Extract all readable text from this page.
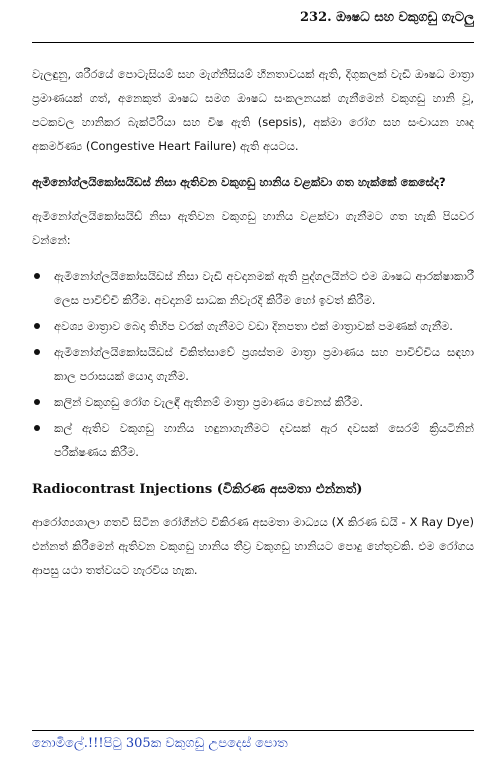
232. ඖෂධ සහ වකුගඩු ගැටලු

වැලඳුනු, ශරීරයේ පොටැසියම් සහ මැග්නීසියම් හීනතාවයක් ඇති, දිගුකලක් වැඩි ඖෂධ මාත්‍රා ප්‍රමාණයක් ගත්, අනෙකුත් ඖෂධ සමග ඖෂධ සංකලනයක් ගැනීමෙන් වකුගඩු හානි වූ, පටකවල හානිකර බැක්ටීරියා සහ විෂ ඇති (sepsis), අක්මා රෝග සහ සංචායන හෘද අකර්මණ්‍ය (Congestive Heart Failure) ඇති අයටය.

ඇමිනෝග්ලයිකෝසයිඩස් නිසා ඇතිවන වකුගඩු හානිය වළක්වා ගත හැක්කේ කෙසේද?

ඇමිනෝග්ලයිකෝසයිඩ් නිසා ඇතිවන වකුගඩු හානිය වළක්වා ගැනීමට ගත හැකි පියවර වන්නේ:

ඇමිනෝග්ලයිකෝසයිඩස් නිසා වැඩි අවදානමක් ඇති පුද්ගලයින්ට එම ඖෂධ ආරක්ෂාකාරී ලෙස පාවිච්චි කිරීම. අවදානම් සාධක නිවැරදි කිරීම හෝ ඉවත් කිරීම.
අවශ්‍ය මාත්‍රාව බෙදා තිහිප වරක් ගැනීමට වඩා දිනපතා එක් මාත්‍රාවක් පමණක් ගැනීම.
ඇමිනෝග්ලයිකෝසයිඩස් චිකිත්සාවේ ප්‍රශස්තම මාත්‍රා ප්‍රමාණය සහ පාවිච්චිය සඳහා කාල පරාසයක් යොදා ගැනීම.
කලින් වකුගඩු රෝග වැලඳී ඇතිනම් මාත්‍රා ප්‍රමාණය වෙනස් කිරීම.
කල් ඇතිව වකුගඩු හානිය හඳුනාගැනීමට දවසක් ඇර දවසක් සෙරම් ක්‍රියටිනින් පරීක්ෂණය කිරීම.
Radiocontrast Injections (විකිරණ අසමතා එන්නත්)

ආරෝග්‍යශාලා ගතවී සිටින රෝගීන්ට විකිරණ අසමතා මාධ්‍යය (X කිරණ ඩයි - X Ray Dye) එන්නත් කිරීමෙන් ඇතිවන වකුගඩු හානිය තීව්‍ර වකුගඩු හානියට පොදු හේතුවකි. එම රෝගය ආපසු යථා තත්වයට හැරවිය හැක.

නොමිලේ.!!!පිටු 305ක වකුගඩු උපදෙස් පොත
